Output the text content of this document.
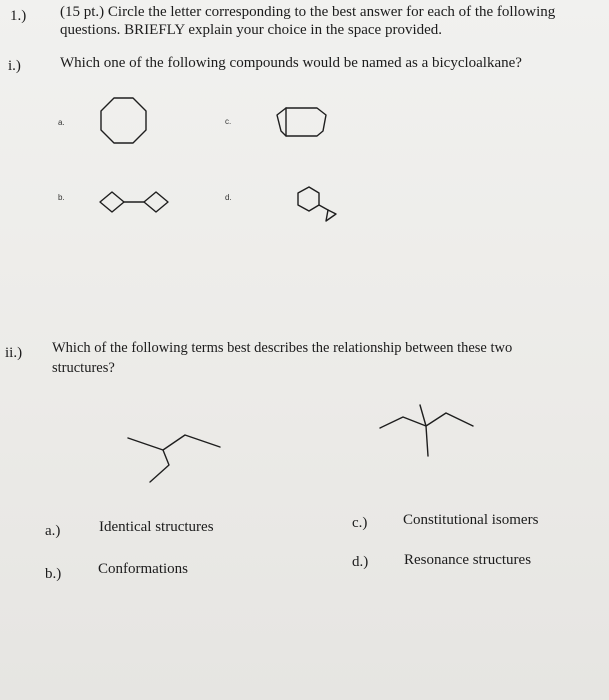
1.) (15 pt.) Circle the letter corresponding to the best answer for each of the following
questions. BRIEFLY explain your choice in the space provided.
i.)	Which one of the following compounds would be named as a bicycloalkane?
a.	c.
b.	d.
ii.) Which of the following terms best describes the relationship between these two
structures?
a.)	Identical structures
b.) Conformations
c.) Constitutional isomers
d.) Resonance structures
